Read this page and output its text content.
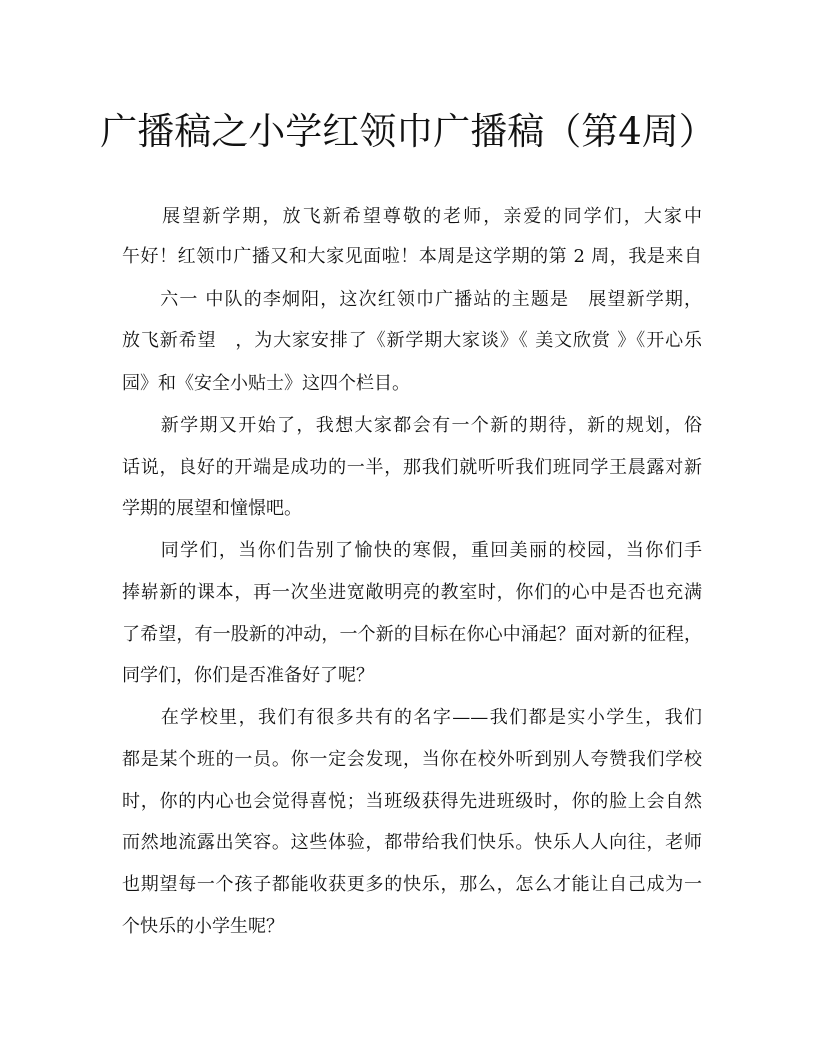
广播稿之小学红领巾广播稿（第4周）
　　展望新学期，放飞新希望尊敬的老师，亲爱的同学们，大家中
午好！红领巾广播又和大家见面啦！本周是这学期的第 2 周，我是来自
　　六一 中队的李炯阳，这次红领巾广播站的主题是　展望新学期，
放飞新希望　，为大家安排了《新学期大家谈》《 美文欣赏 》《开心乐
园》和《安全小贴士》这四个栏目。
　　新学期又开始了，我想大家都会有一个新的期待，新的规划，俗
话说，良好的开端是成功的一半，那我们就听听我们班同学王晨露对新
学期的展望和憧憬吧。
　　同学们，当你们告别了愉快的寒假，重回美丽的校园，当你们手
捧崭新的课本，再一次坐进宽敞明亮的教室时，你们的心中是否也充满
了希望，有一股新的冲动，一个新的目标在你心中涌起？面对新的征程，
同学们，你们是否准备好了呢？
　　在学校里，我们有很多共有的名字——我们都是实小学生，我们
都是某个班的一员。你一定会发现，当你在校外听到别人夸赞我们学校
时，你的内心也会觉得喜悦；当班级获得先进班级时，你的脸上会自然
而然地流露出笑容。这些体验，都带给我们快乐。快乐人人向往，老师
也期望每一个孩子都能收获更多的快乐，那么，怎么才能让自己成为一
个快乐的小学生呢？
